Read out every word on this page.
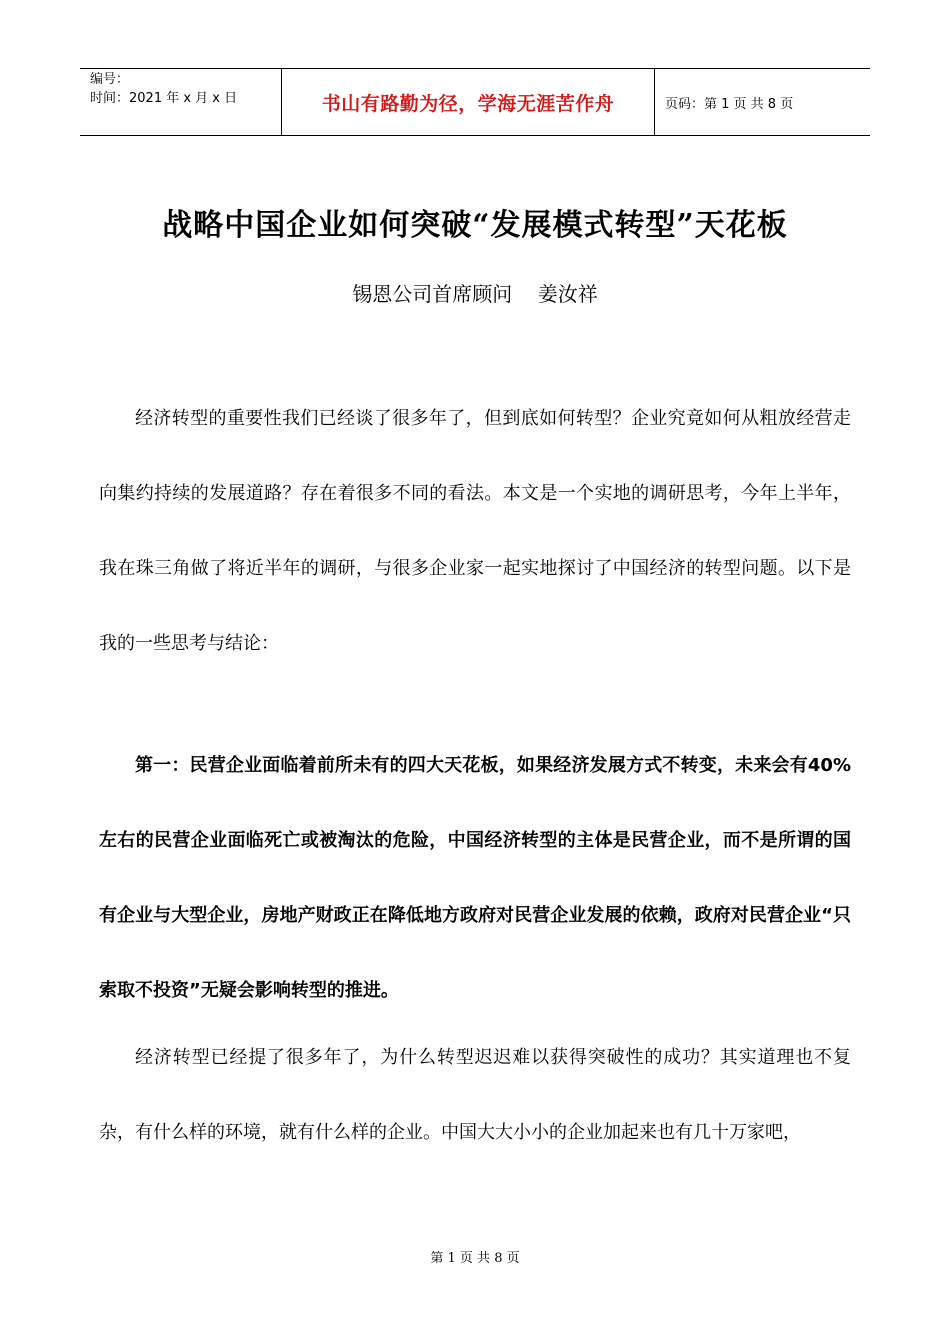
编号：
时间：2021 年 x 月 x 日	书山有路勤为径，学海无涯苦作舟	页码：第 1 页 共 8 页
战略中国企业如何突破“发展模式转型”天花板
锡恩公司首席顾问    姜汝祥

经济转型的重要性我们已经谈了很多年了，但到底如何转型？企业究竟如何从粗放经营走向集约持续的发展道路？存在着很多不同的看法。本文是一个实地的调研思考，今年上半年，我在珠三角做了将近半年的调研，与很多企业家一起实地探讨了中国经济的转型问题。以下是我的一些思考与结论：

第一：民营企业面临着前所未有的四大天花板，如果经济发展方式不转变，未来会有40%左右的民营企业面临死亡或被淘汰的危险，中国经济转型的主体是民营企业，而不是所谓的国有企业与大型企业，房地产财政正在降低地方政府对民营企业发展的依赖，政府对民营企业“只索取不投资”无疑会影响转型的推进。

经济转型已经提了很多年了，为什么转型迟迟难以获得突破性的成功？其实道理也不复杂，有什么样的环境，就有什么样的企业。中国大大小小的企业加起来也有几十万家吧，

第 1 页 共 8 页
